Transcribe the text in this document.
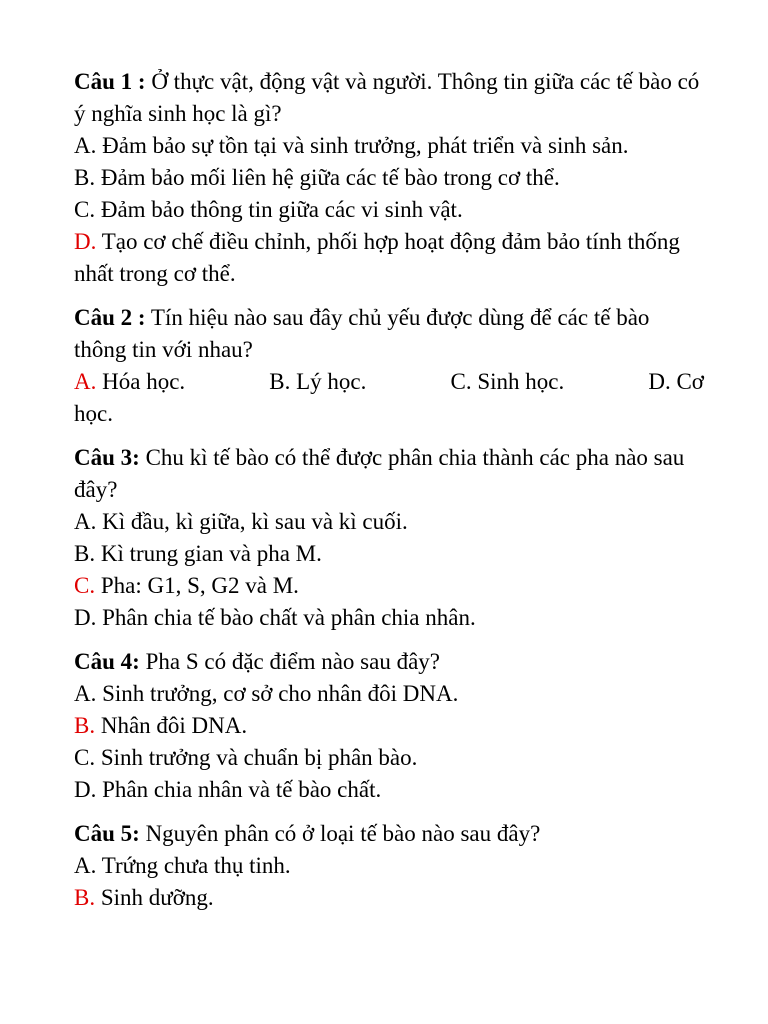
Câu 1 : Ở thực vật, động vật và người. Thông tin giữa các tế bào có ý nghĩa sinh học là gì?
A. Đảm bảo sự tồn tại và sinh trưởng, phát triển và sinh sản.
B. Đảm bảo mối liên hệ giữa các tế bào trong cơ thể.
C. Đảm bảo thông tin giữa các vi sinh vật.
D. Tạo cơ chế điều chỉnh, phối hợp hoạt động đảm bảo tính thống nhất trong cơ thể.
Câu 2 : Tín hiệu nào sau đây chủ yếu được dùng để các tế bào thông tin với nhau?
A. Hóa học.	B. Lý học.	C. Sinh học.	D. Cơ
học.
Câu 3: Chu kì tế bào có thể được phân chia thành các pha nào sau đây?
A. Kì đầu, kì giữa, kì sau và kì cuối.
B. Kì trung gian và pha M.
C. Pha: G1, S, G2 và M.
D. Phân chia tế bào chất và phân chia nhân.
Câu 4: Pha S có đặc điểm nào sau đây?
A. Sinh trưởng, cơ sở cho nhân đôi DNA.
B. Nhân đôi DNA.
C. Sinh trưởng và chuẩn bị phân bào.
D. Phân chia nhân và tế bào chất.
Câu 5: Nguyên phân có ở loại tế bào nào sau đây?
A. Trứng chưa thụ tinh.
B. Sinh dưỡng.
